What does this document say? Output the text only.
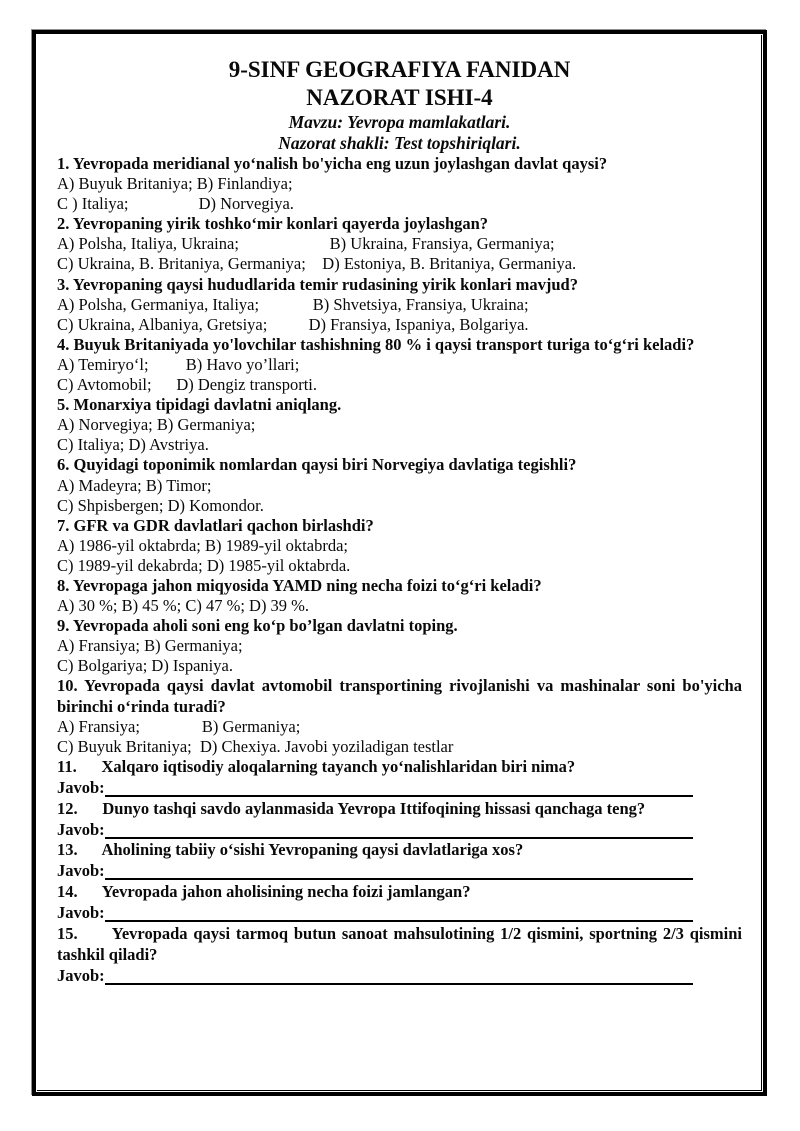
9-SINF GEOGRAFIYA FANIDAN
NAZORAT ISHI-4
Mavzu: Yevropa mamlakatlari.
Nazorat shakli: Test topshiriqlari.
1. Yevropada meridianal yoʻnalish bo'yicha eng uzun joylashgan davlat qaysi?
A) Buyuk Britaniya; B) Finlandiya;
C ) Italiya;                 D) Norvegiya.
2. Yevropaning yirik toshkoʻmir konlari qayerda joylashgan?
A) Polsha, Italiya, Ukraina;                      B) Ukraina, Fransiya, Germaniya;
C) Ukraina, B. Britaniya, Germaniya;    D) Estoniya, B. Britaniya, Germaniya.
3. Yevropaning qaysi hududlarida temir rudasining yirik konlari mavjud?
A) Polsha, Germaniya, Italiya;             B) Shvetsiya, Fransiya, Ukraina;
C) Ukraina, Albaniya, Gretsiya;          D) Fransiya, Ispaniya, Bolgariya.
4. Buyuk Britaniyada yo'lovchilar tashishning 80 % i qaysi transport turiga toʻgʻri keladi?
A) Temiryoʻl;         B) Havo yo’llari;
C) Avtomobil;      D) Dengiz transporti.
5. Monarxiya tipidagi davlatni aniqlang.
A) Norvegiya; B) Germaniya;
C) Italiya; D) Avstriya.
6. Quyidagi toponimik nomlardan qaysi biri Norvegiya davlatiga tegishli?
A) Madeyra; B) Timor;
C) Shpisbergen; D) Komondor.
7. GFR va GDR davlatlari qachon birlashdi?
A) 1986-yil oktabrda; B) 1989-yil oktabrda;
C) 1989-yil dekabrda; D) 1985-yil oktabrda.
8. Yevropaga jahon miqyosida YAMD ning necha foizi toʻgʻri keladi?
A) 30 %; B) 45 %; C) 47 %; D) 39 %.
9. Yevropada aholi soni eng koʻp bo’lgan davlatni toping.
A) Fransiya; B) Germaniya;
C) Bolgariya; D) Ispaniya.
10. Yevropada qaysi davlat avtomobil transportining rivojlanishi va mashinalar soni bo'yicha birinchi oʻrinda turadi?
A) Fransiya;               B) Germaniya;
C) Buyuk Britaniya;  D) Chexiya. Javobi yoziladigan testlar
11.      Xalqaro iqtisodiy aloqalarning tayanch yoʻnalishlaridan biri nima?
Javob:
12.      Dunyo tashqi savdo aylanmasida Yevropa Ittifoqining hissasi qanchaga teng?
Javob:
13.      Aholining tabiiy oʻsishi Yevropaning qaysi davlatlariga xos?
Javob:
14.      Yevropada jahon aholisining necha foizi jamlangan?
Javob:
15.      Yevropada qaysi tarmoq butun sanoat mahsulotining 1/2 qismini, sportning 2/3 qismini tashkil qiladi?
Javob:
